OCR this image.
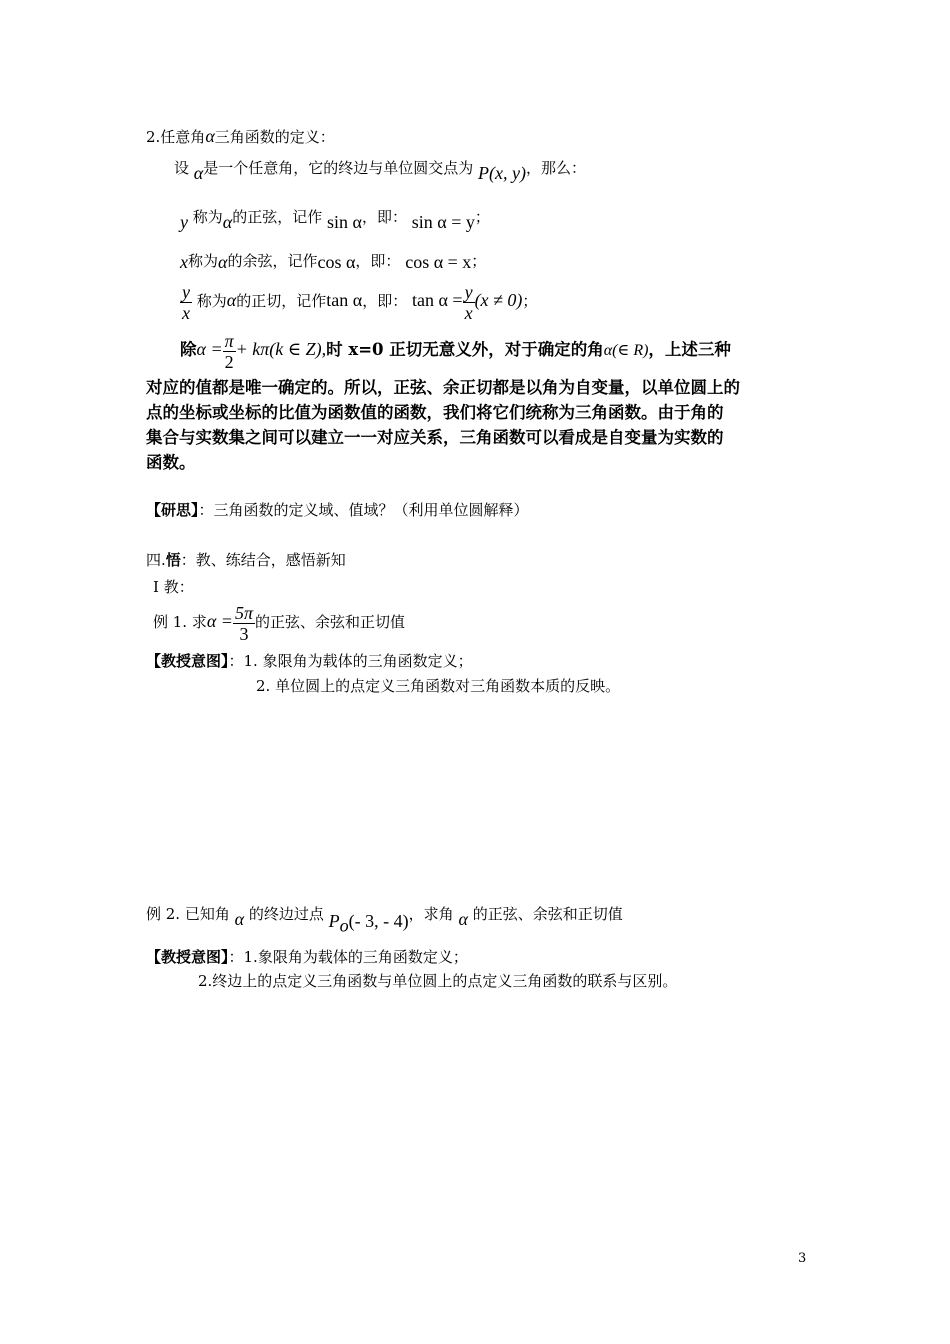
2.任意角α三角函数的定义：
设 α是一个任意角，它的终边与单位圆交点为 P(x, y)，那么：
y 称为α的正弦，记作 sin α，即： sin α = y；
x称为α的余弦，记作cos α，即： cos α = x；
$\frac{y}{x}$ 称为α的正切，记作tan α，即： $\tan \alpha = \frac{y}{x} (x \ne 0)$；
除$\alpha = \frac{\pi}{2} + k\pi(k$ ∈ Z),时 x=0 正切无意义外，对于确定的角α(∈ R)，上述三种
对应的值都是唯一确定的。所以，正弦、余正切都是以角为自变量，以单位圆上的
点的坐标或坐标的比值为函数值的函数，我们将它们统称为三角函数。由于角的
集合与实数集之间可以建立一一对应关系，三角函数可以看成是自变量为实数的
函数。
【研思】：三角函数的定义域、值域？（利用单位圆解释）
四.悟：教、练结合，感悟新知
Ⅰ 教：
例 1. 求$\alpha = \frac{5\pi}{3}$ 的正弦、余弦和正切值
【教授意图】：1. 象限角为载体的三角函数定义；
2. 单位圆上的点定义三角函数对三角函数本质的反映。
例 2. 已知角 α 的终边过点 $P_o(-$ 3, - 4)，求角 α 的正弦、余弦和正切值
【教授意图】：1.象限角为载体的三角函数定义；
2.终边上的点定义三角函数与单位圆上的点定义三角函数的联系与区别。
3
